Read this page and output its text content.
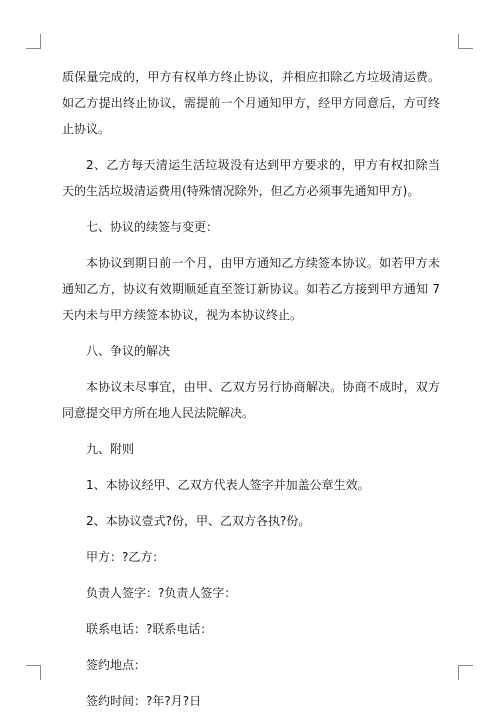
质保量完成的，甲方有权单方终止协议，并相应扣除乙方垃圾清运费。如乙方提出终止协议，需提前一个月通知甲方，经甲方同意后，方可终止协议。

2、乙方每天清运生活垃圾没有达到甲方要求的，甲方有权扣除当天的生活垃圾清运费用(特殊情况除外，但乙方必须事先通知甲方)。

七、协议的续签与变更：

本协议到期日前一个月，由甲方通知乙方续签本协议。如若甲方未通知乙方，协议有效期顺延直至签订新协议。如若乙方接到甲方通知 7 天内未与甲方续签本协议，视为本协议终止。

八、争议的解决

本协议未尽事宜，由甲、乙双方另行协商解决。协商不成时，双方同意提交甲方所在地人民法院解决。

九、附则

1、本协议经甲、乙双方代表人签字并加盖公章生效。

2、本协议壹式?份，甲、乙双方各执?份。

甲方：?乙方：

负责人签字：?负责人签字：

联系电话：?联系电话：

签约地点：

签约时间：?年?月?日
